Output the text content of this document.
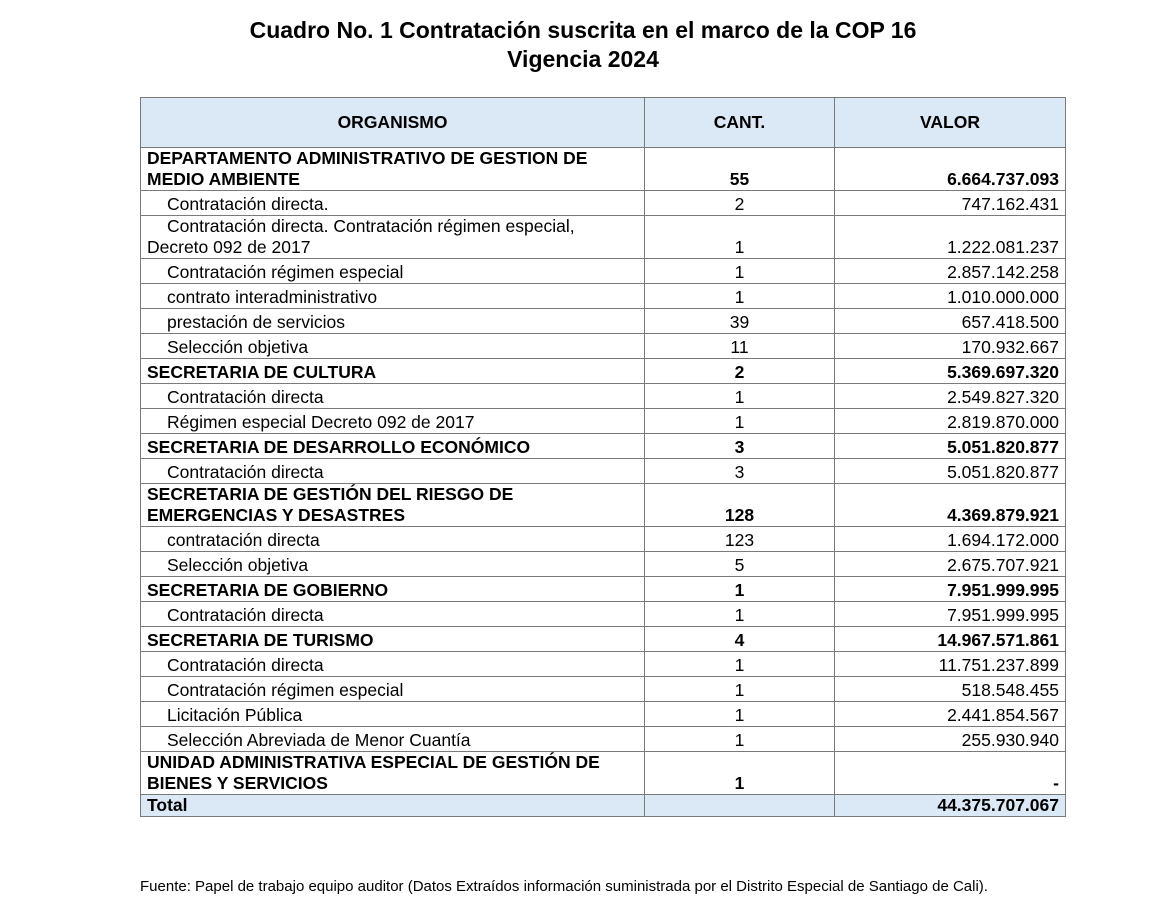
Cuadro No. 1 Contratación suscrita en el marco de la COP 16
Vigencia 2024
ORGANISMO	CANT.	VALOR
DEPARTAMENTO ADMINISTRATIVO DE GESTION DE MEDIO AMBIENTE	55	6.664.737.093
Contratación directa.	2	747.162.431
Contratación directa. Contratación régimen especial, Decreto 092 de 2017	1	1.222.081.237
Contratación régimen especial	1	2.857.142.258
contrato interadministrativo	1	1.010.000.000
prestación de servicios	39	657.418.500
Selección objetiva	11	170.932.667
SECRETARIA DE CULTURA	2	5.369.697.320
Contratación directa	1	2.549.827.320
Régimen especial Decreto 092 de 2017	1	2.819.870.000
SECRETARIA DE DESARROLLO ECONÓMICO	3	5.051.820.877
Contratación directa	3	5.051.820.877
SECRETARIA DE GESTIÓN DEL RIESGO DE EMERGENCIAS Y DESASTRES	128	4.369.879.921
contratación directa	123	1.694.172.000
Selección objetiva	5	2.675.707.921
SECRETARIA DE GOBIERNO	1	7.951.999.995
Contratación directa	1	7.951.999.995
SECRETARIA DE TURISMO	4	14.967.571.861
Contratación directa	1	11.751.237.899
Contratación régimen especial	1	518.548.455
Licitación Pública	1	2.441.854.567
Selección Abreviada de Menor Cuantía	1	255.930.940
UNIDAD ADMINISTRATIVA ESPECIAL DE GESTIÓN DE BIENES Y SERVICIOS	1	-
Total		44.375.707.067
Fuente: Papel de trabajo equipo auditor (Datos Extraídos información suministrada por el Distrito Especial de Santiago de Cali).
